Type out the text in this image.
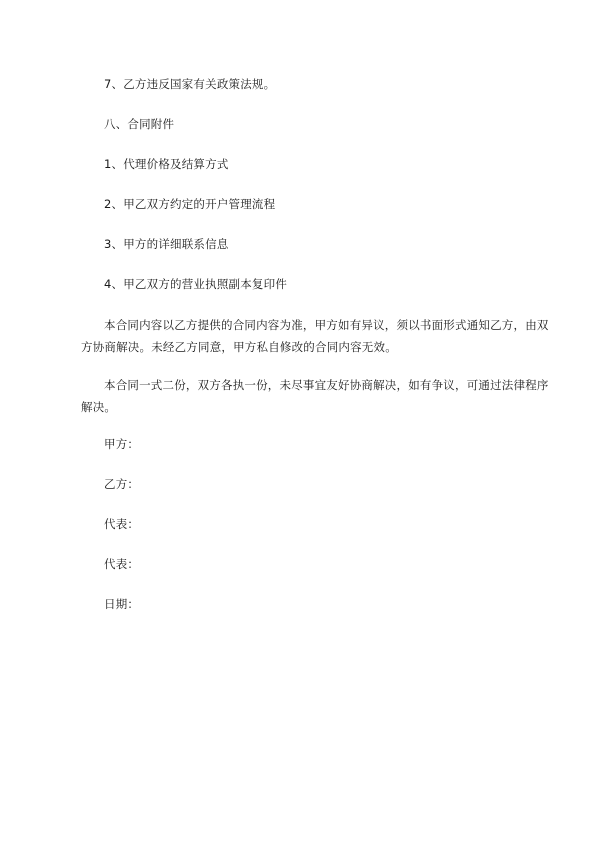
7、乙方违反国家有关政策法规。
八、合同附件
1、代理价格及结算方式
2、甲乙双方约定的开户管理流程
3、甲方的详细联系信息
4、甲乙双方的营业执照副本复印件
本合同内容以乙方提供的合同内容为准，甲方如有异议，须以书面形式通知乙方，由双方协商解决。未经乙方同意，甲方私自修改的合同内容无效。
本合同一式二份，双方各执一份，未尽事宜友好协商解决，如有争议，可通过法律程序解决。
甲方：
乙方：
代表：
代表：
日期：
